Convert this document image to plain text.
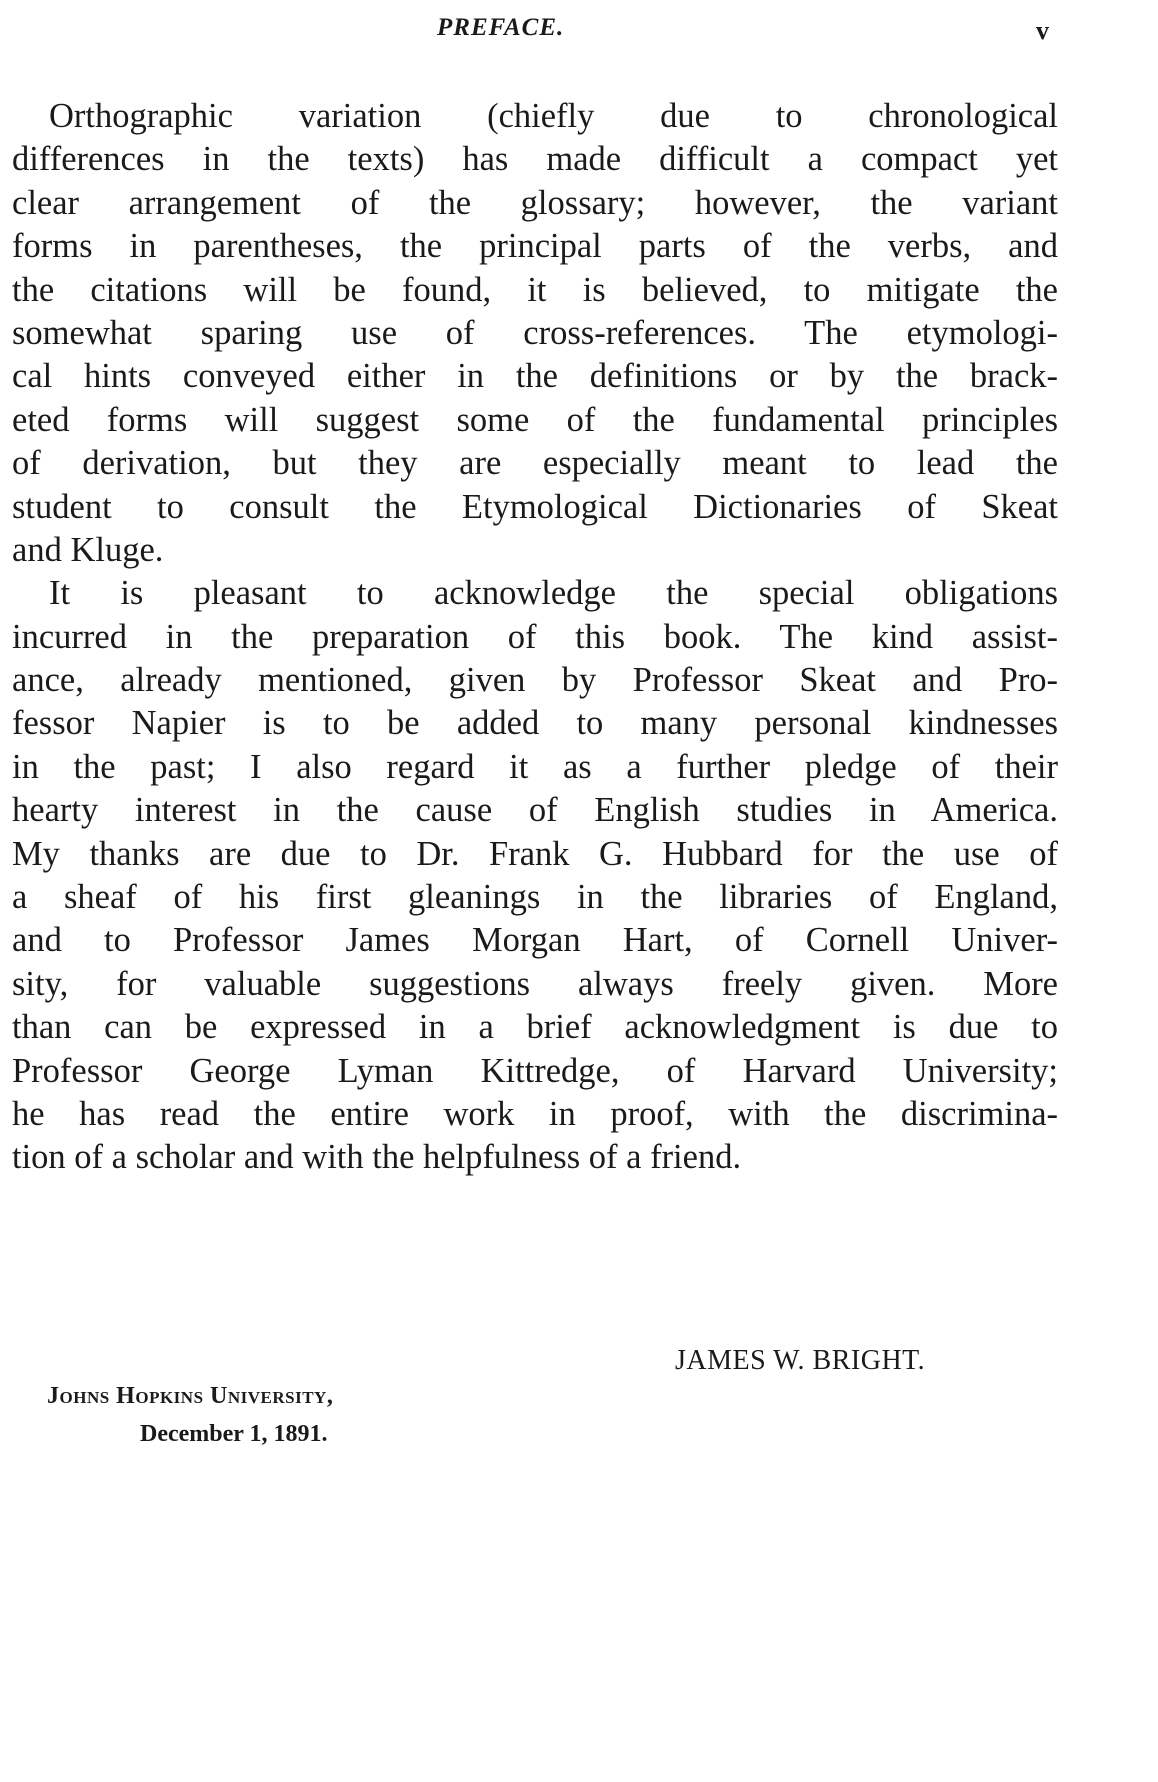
PREFACE.	v
Orthographic variation (chiefly due to chronological
differences in the texts) has made difficult a compact yet
clear arrangement of the glossary; however, the variant
forms in parentheses, the principal parts of the verbs, and
the citations will be found, it is believed, to mitigate the
somewhat sparing use of cross-references. The etymologi-
cal hints conveyed either in the definitions or by the brack-
eted forms will suggest some of the fundamental principles
of derivation, but they are especially meant to lead the
student to consult the Etymological Dictionaries of Skeat
and Kluge.
It is pleasant to acknowledge the special obligations
incurred in the preparation of this book. The kind assist-
ance, already mentioned, given by Professor Skeat and Pro-
fessor Napier is to be added to many personal kindnesses
in the past; I also regard it as a further pledge of their
hearty interest in the cause of English studies in America.
My thanks are due to Dr. Frank G. Hubbard for the use of
a sheaf of his first gleanings in the libraries of England,
and to Professor James Morgan Hart, of Cornell Univer-
sity, for valuable suggestions always freely given. More
than can be expressed in a brief acknowledgment is due to
Professor George Lyman Kittredge, of Harvard University;
he has read the entire work in proof, with the discrimina-
tion of a scholar and with the helpfulness of a friend.
JAMES W. BRIGHT.
Johns Hopkins University,
December 1, 1891.
